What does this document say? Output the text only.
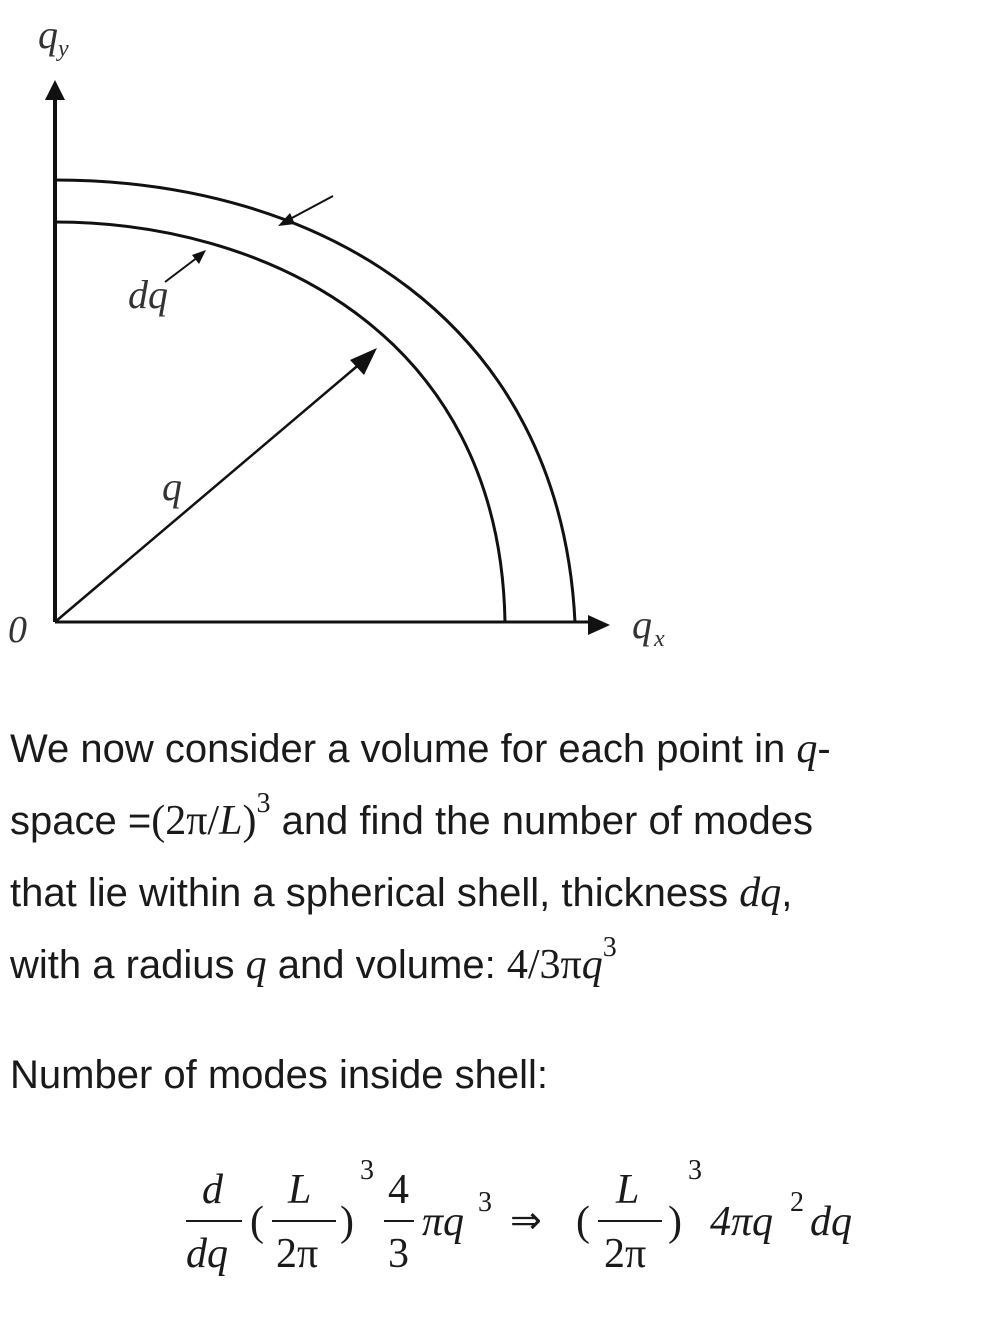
q y
q x
0
q
dq
We now consider a volume for each point in q-
space $=(2\pi/L)^3$ and find the number of modes
that lie within a spherical shell, thickness dq,
with a radius q and volume: $4/3\pi q^3$
Number of modes inside shell:
d
dq
(
L
2π
)
3 4
3
πq 3 ⇒ (
L
2π
)
3
4πq 2 dq
